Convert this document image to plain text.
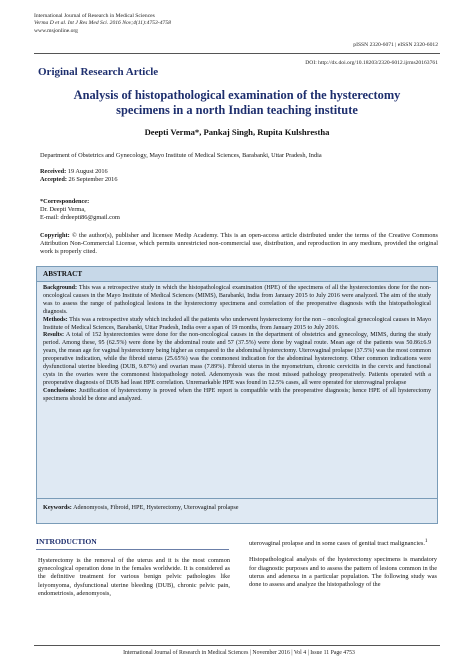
International Journal of Research in Medical Sciences
Verma D et al. Int J Res Med Sci. 2016 Nov;4(11):4753-4758
www.msjonline.org
pISSN 2320-6071 | eISSN 2320-6012
DOI: http://dx.doi.org/10.18203/2320-6012.ijrms20163761
Original Research Article
Analysis of histopathological examination of the hysterectomy specimens in a north Indian teaching institute
Deepti Verma*, Pankaj Singh, Rupita Kulshrestha
Department of Obstetrics and Gynecology, Mayo Institute of Medical Sciences, Barabanki, Uttar Pradesh, India
Received: 19 August 2016
Accepted: 26 September 2016
*Correspondence:
Dr. Deepti Verma,
E-mail: drdeepti86@gmail.com
Copyright: © the author(s), publisher and licensee Medip Academy. This is an open-access article distributed under the terms of the Creative Commons Attribution Non-Commercial License, which permits unrestricted non-commercial use, distribution, and reproduction in any medium, provided the original work is properly cited.
ABSTRACT

Background: This was a retrospective study in which the histopathological examination (HPE) of the specimens of all the hysterectomies done for the non-oncological causes in the Mayo Institute of Medical Sciences (MIMS), Barabanki, India from January 2015 to July 2016 were analyzed. The aim of the study was to assess the range of pathological lesions in the hysterectomy specimens and correlation of the preoperative diagnosis with the histopathological diagnosis.

Methods: This was a retrospective study which included all the patients who underwent hysterectomy for the non – oncological gynecological causes in Mayo Institute of Medical Sciences, Barabanki, Uttar Pradesh, India over a span of 19 months, from January 2015 to July 2016.

Results: A total of 152 hysterectomies were done for the non-oncological causes in the department of obstetrics and gynecology, MIMS, during the study period. Among these, 95 (62.5%) were done by the abdominal route and 57 (37.5%) were done by vaginal route. Mean age of the patients was 50.86±6.9 years, the mean age for vaginal hysterectomy being higher as compared to the abdominal hysterectomy. Uterovaginal prolapse (37.5%) was the most common preoperative indication, while the fibroid uterus (25.65%) was the commonest indication for the abdominal hysterectomy. Other common indications were dysfunctional uterine bleeding (DUB, 9.87%) and ovarian mass (7.89%). Fibroid uterus in the myometrium, chronic cervicitis in the cervix and functional cysts in the ovaries were the commonest histopathology noted. Adenomyosis was the most missed pathology preoperatively. Patients operated with a preoperative diagnosis of DUB had least HPE correlation. Unremarkable HPE was found in 12.5% cases, all were operated for uterovaginal prolapse

Conclusions: Justification of hysterectomy is proved when the HPE report is compatible with the preoperative diagnosis; hence HPE of all hysterectomy specimens should be done and analyzed.

Keywords: Adenomyosis, Fibroid, HPE, Hysterectomy, Uterovaginal prolapse
INTRODUCTION
Hysterectomy is the removal of the uterus and it is the most common gynecological operation done in the females worldwide. It is considered as the definitive treatment for various benign pelvic pathologies like leiyomyoma, dysfunctional uterine bleeding (DUB), chronic pelvic pain, endometriosis, adenomyosis,

uterovaginal prolapse and in some cases of genital tract malignancies.$^1$

Histopathological analysis of the hysterectomy specimens is mandatory for diagnostic purposes and to assess the pattern of lesions common in the uterus and adenexa in a particular population. The following study was done to assess and analyze the histopathology of the

International Journal of Research in Medical Sciences | November 2016 | Vol 4 | Issue 11 Page 4753
